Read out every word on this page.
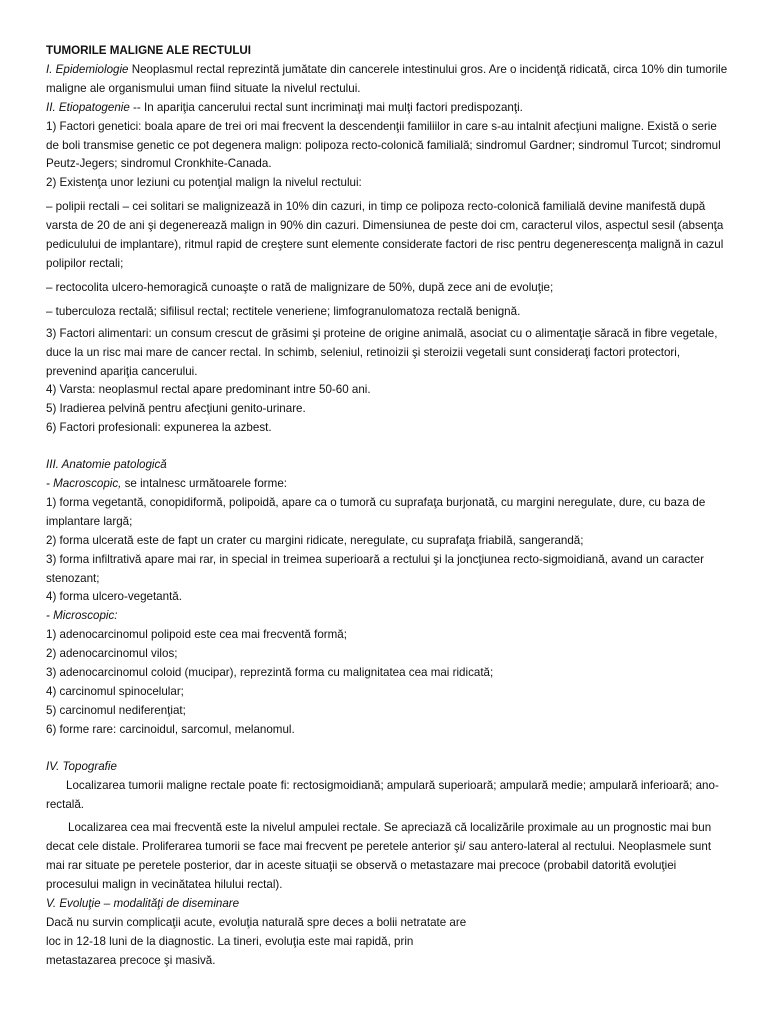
TUMORILE MALIGNE ALE RECTULUI

I. Epidemiologie Neoplasmul rectal reprezintă jumătate din cancerele intestinului gros. Are o incidenţă ridicată, circa 10% din tumorile maligne ale organismului uman fiind situate la nivelul rectului.

II. Etiopatogenie -- In apariţia cancerului rectal sunt incriminaţi mai mulţi factori predispozanţi.

1) Factori genetici: boala apare de trei ori mai frecvent la descendenţii familiilor in care s-au intalnit afecţiuni maligne. Există o serie de boli transmise genetic ce pot degenera malign: polipoza recto-colonică familială; sindromul Gardner; sindromul Turcot; sindromul Peutz-Jegers; sindromul Cronkhite-Canada.

2) Existenţa unor leziuni cu potenţial malign la nivelul rectului:

– polipii rectali – cei solitari se malignizează in 10% din cazuri, in timp ce polipoza recto-colonică familială devine manifestă după varsta de 20 de ani şi degenerează malign in 90% din cazuri. Dimensiunea de peste doi cm, caracterul vilos, aspectul sesil (absenţa pediculului de implantare), ritmul rapid de creştere sunt elemente considerate factori de risc pentru degenerescenţa malignă in cazul polipilor rectali;

– rectocolita ulcero-hemoragică cunoaşte o rată de malignizare de 50%, după zece ani de evoluţie;

– tuberculoza rectală; sifilisul rectal; rectitele veneriene; limfogranulomatoza rectală benignă.

3) Factori alimentari: un consum crescut de grăsimi şi proteine de origine animală, asociat cu o alimentaţie săracă in fibre vegetale, duce la un risc mai mare de cancer rectal. In schimb, seleniul, retinoizii şi steroizii vegetali sunt consideraţi factori protectori, prevenind apariţia cancerului.

4) Varsta: neoplasmul rectal apare predominant intre 50-60 ani.

5) Iradierea pelvină pentru afecţiuni genito-urinare.

6) Factori profesionali: expunerea la azbest.

III. Anatomie patologică

- Macroscopic, se intalnesc următoarele forme:

1) forma vegetantă, conopidiformă, polipoidă, apare ca o tumoră cu suprafaţa burjonată, cu margini neregulate, dure, cu baza de implantare largă;

2) forma ulcerată este de fapt un crater cu margini ridicate, neregulate, cu suprafaţa friabilă, sangerandă;

3) forma infiltrativă apare mai rar, in special in treimea superioară a rectului şi la joncţiunea recto-sigmoidiană, avand un caracter stenozant;

4) forma ulcero-vegetantă.

- Microscopic:

1) adenocarcinomul polipoid este cea mai frecventă formă;

2) adenocarcinomul vilos;

3) adenocarcinomul coloid (mucipar), reprezintă forma cu malignitatea cea mai ridicată;

4) carcinomul spinocelular;

5) carcinomul nediferenţiat;

6) forme rare: carcinoidul, sarcomul, melanomul.

IV. Topografie

Localizarea tumorii maligne rectale poate fi: rectosigmoidiană; ampulară superioară; ampulară medie; ampulară inferioară; ano-rectală.

Localizarea cea mai frecventă este la nivelul ampulei rectale. Se apreciază că localizările proximale au un prognostic mai bun decat cele distale. Proliferarea tumorii se face mai frecvent pe peretele anterior şi/ sau antero-lateral al rectului. Neoplasmele sunt mai rar situate pe peretele posterior, dar in aceste situaţii se observă o metastazare mai precoce (probabil datorită evoluţiei procesului malign in vecinătatea hilului rectal).

V. Evoluţie – modalităţi de diseminare

Dacă nu survin complicaţii acute, evoluţia naturală spre deces a bolii netratate are

loc in 12-18 luni de la diagnostic. La tineri, evoluţia este mai rapidă, prin

metastazarea precoce şi masivă.
